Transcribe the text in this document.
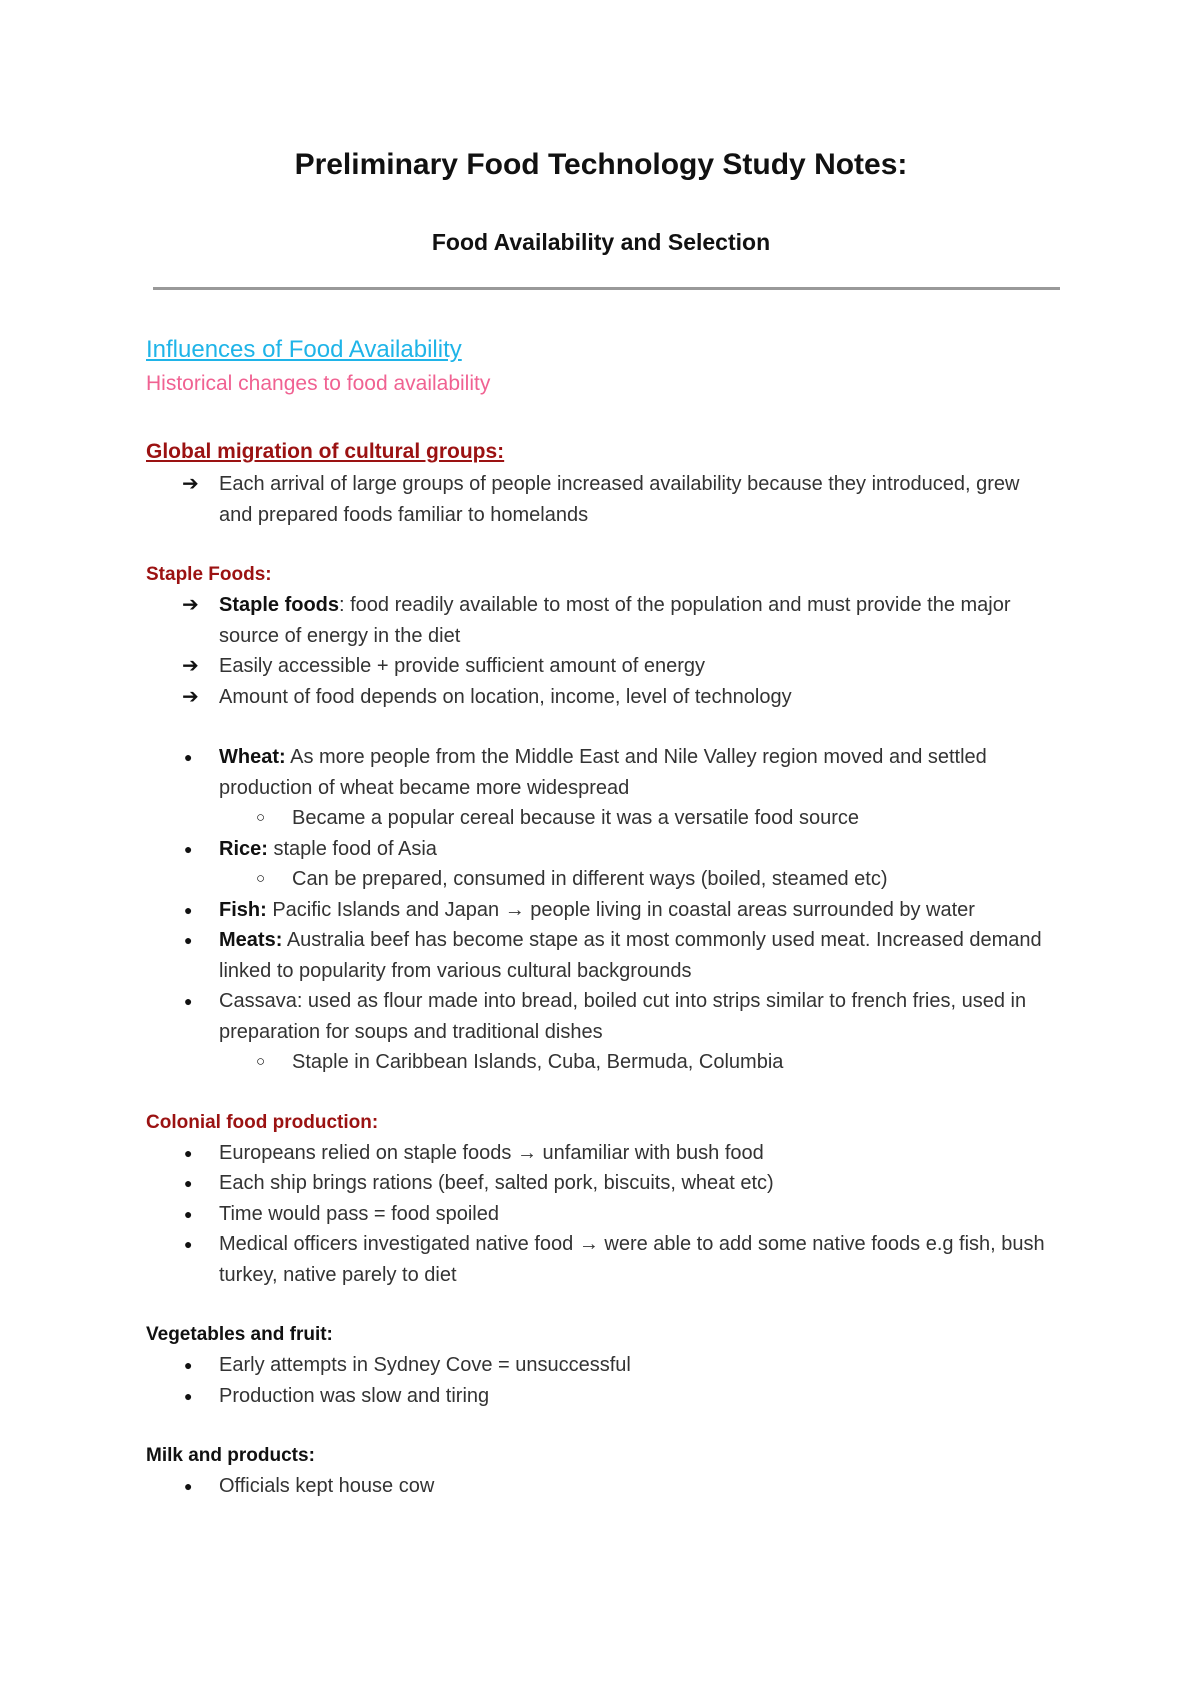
Preliminary Food Technology Study Notes:
Food Availability and Selection

Influences of Food Availability

Historical changes to food availability

Global migration of cultural groups:

➔ Each arrival of large groups of people increased availability because they introduced, grew and prepared foods familiar to homelands

Staple Foods:

➔ Staple foods: food readily available to most of the population and must provide the major source of energy in the diet
➔ Easily accessible + provide sufficient amount of energy
➔ Amount of food depends on location, income, level of technology
● Wheat: As more people from the Middle East and Nile Valley region moved and settled production of wheat became more widespread
○ Became a popular cereal because it was a versatile food source
● Rice: staple food of Asia
○ Can be prepared, consumed in different ways (boiled, steamed etc)
● Fish: Pacific Islands and Japan → people living in coastal areas surrounded by water
● Meats: Australia beef has become stape as it most commonly used meat. Increased demand linked to popularity from various cultural backgrounds
● Cassava: used as flour made into bread, boiled cut into strips similar to french fries, used in preparation for soups and traditional dishes
○ Staple in Caribbean Islands, Cuba, Bermuda, Columbia

Colonial food production:

● Europeans relied on staple foods → unfamiliar with bush food
● Each ship brings rations (beef, salted pork, biscuits, wheat etc)
● Time would pass = food spoiled
● Medical officers investigated native food → were able to add some native foods e.g fish, bush turkey, native parely to diet

Vegetables and fruit:

● Early attempts in Sydney Cove = unsuccessful
● Production was slow and tiring

Milk and products:

● Officials kept house cow
